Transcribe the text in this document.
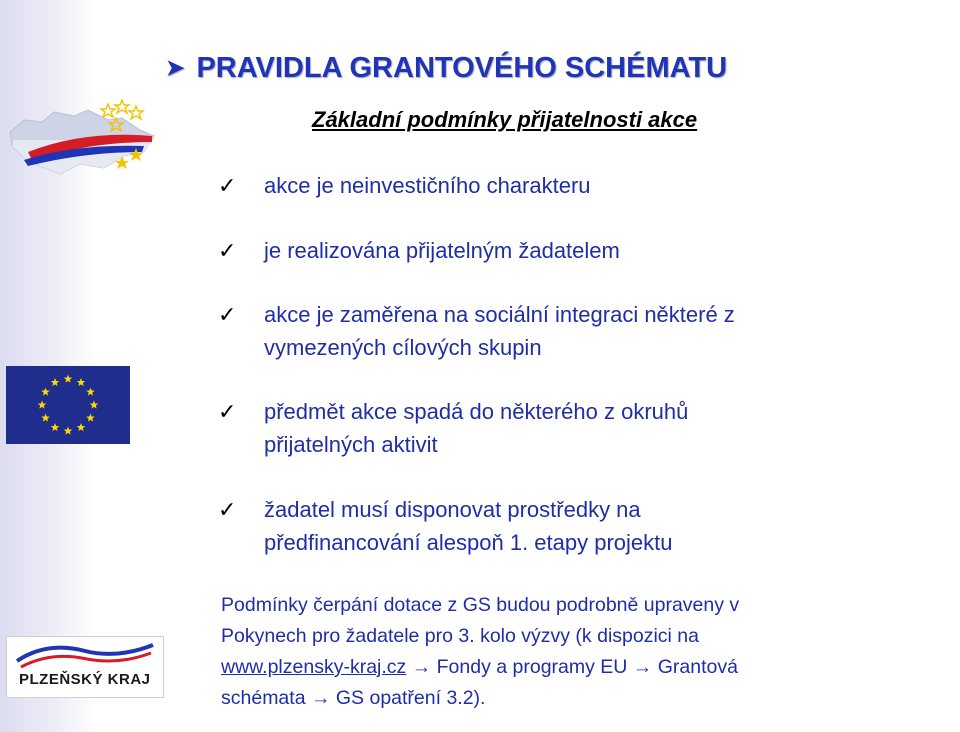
➤ PRAVIDLA GRANTOVÉHO SCHÉMATU
Základní podmínky přijatelnosti akce
✓	akce je neinvestičního charakteru
✓	je realizována přijatelným žadatelem
✓	akce je zaměřena na sociální integraci některé z
vymezených cílových skupin
✓	předmět akce spadá do některého z okruhů
přijatelných aktivit
✓	žadatel musí disponovat prostředky na
předfinancování alespoň 1. etapy projektu
Podmínky čerpání dotace z GS budou podrobně upraveny v
Pokynech pro žadatele pro 3. kolo výzvy (k dispozici na
www.plzensky-kraj.cz → Fondy a programy EU → Grantová
schémata → GS opatření 3.2).
PLZEŇSKÝ KRAJ
